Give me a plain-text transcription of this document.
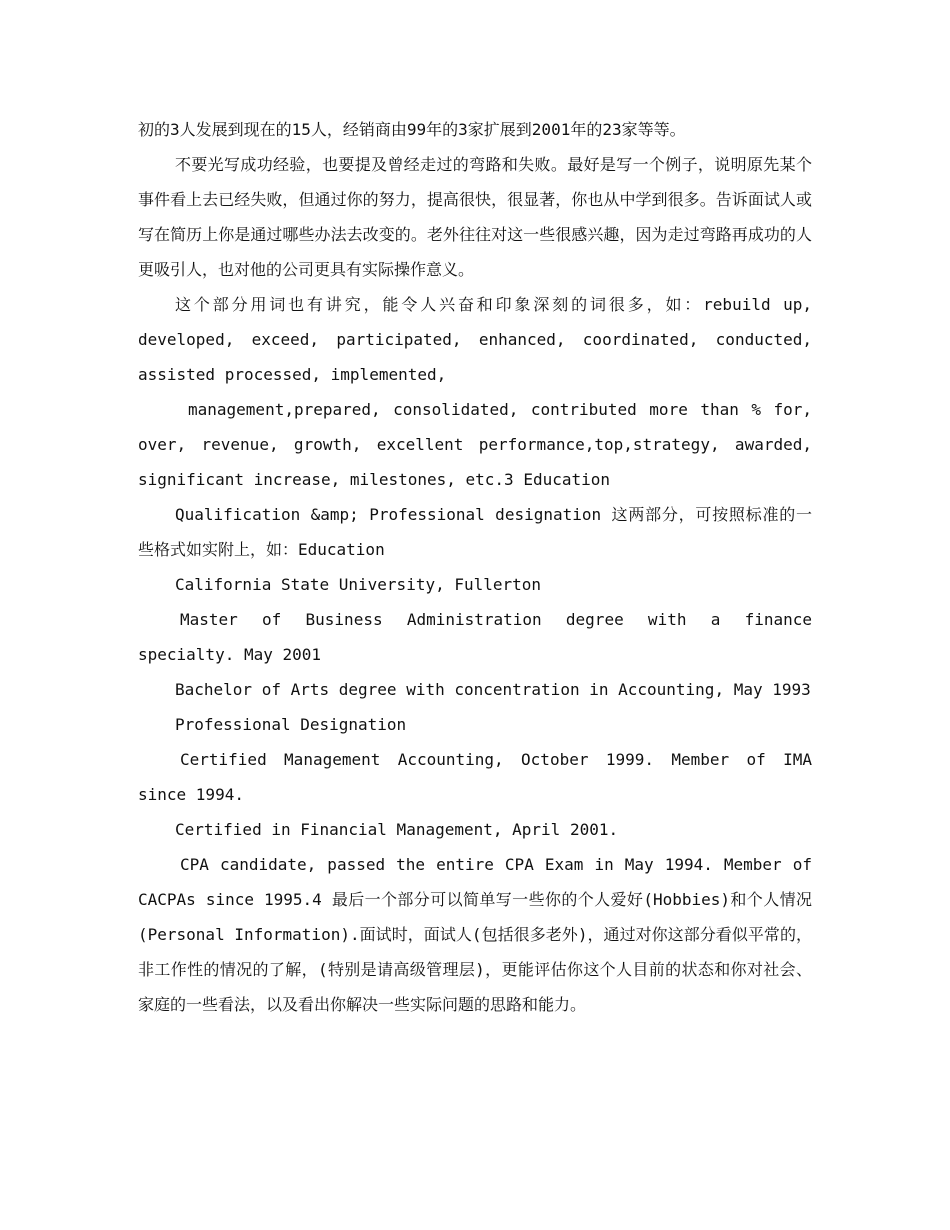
初的3人发展到现在的15人，经销商由99年的3家扩展到2001年的23家等等。

不要光写成功经验，也要提及曾经走过的弯路和失败。最好是写一个例子，说明原先某个事件看上去已经失败，但通过你的努力，提高很快，很显著，你也从中学到很多。告诉面试人或写在简历上你是通过哪些办法去改变的。老外往往对这一些很感兴趣，因为走过弯路再成功的人更吸引人，也对他的公司更具有实际操作意义。

这个部分用词也有讲究，能令人兴奋和印象深刻的词很多，如：rebuild up, developed, exceed, participated, enhanced, coordinated, conducted, assisted processed, implemented,

management,prepared, consolidated, contributed more than % for, over, revenue, growth, excellent performance,top,strategy, awarded, significant increase, milestones, etc.3 Education

Qualification &amp; Professional designation 这两部分，可按照标准的一些格式如实附上，如：Education

California State University, Fullerton

Master of Business Administration degree with a finance specialty. May 2001

Bachelor of Arts degree with concentration in Accounting, May 1993

Professional Designation

Certified Management Accounting, October 1999. Member of IMA since 1994.

Certified in Financial Management, April 2001.

CPA candidate, passed the entire CPA Exam in May 1994. Member of CACPAs since 1995.4 最后一个部分可以简单写一些你的个人爱好(Hobbies)和个人情况(Personal Information).面试时，面试人(包括很多老外)，通过对你这部分看似平常的，非工作性的情况的了解，(特别是请高级管理层)，更能评估你这个人目前的状态和你对社会、家庭的一些看法，以及看出你解决一些实际问题的思路和能力。
